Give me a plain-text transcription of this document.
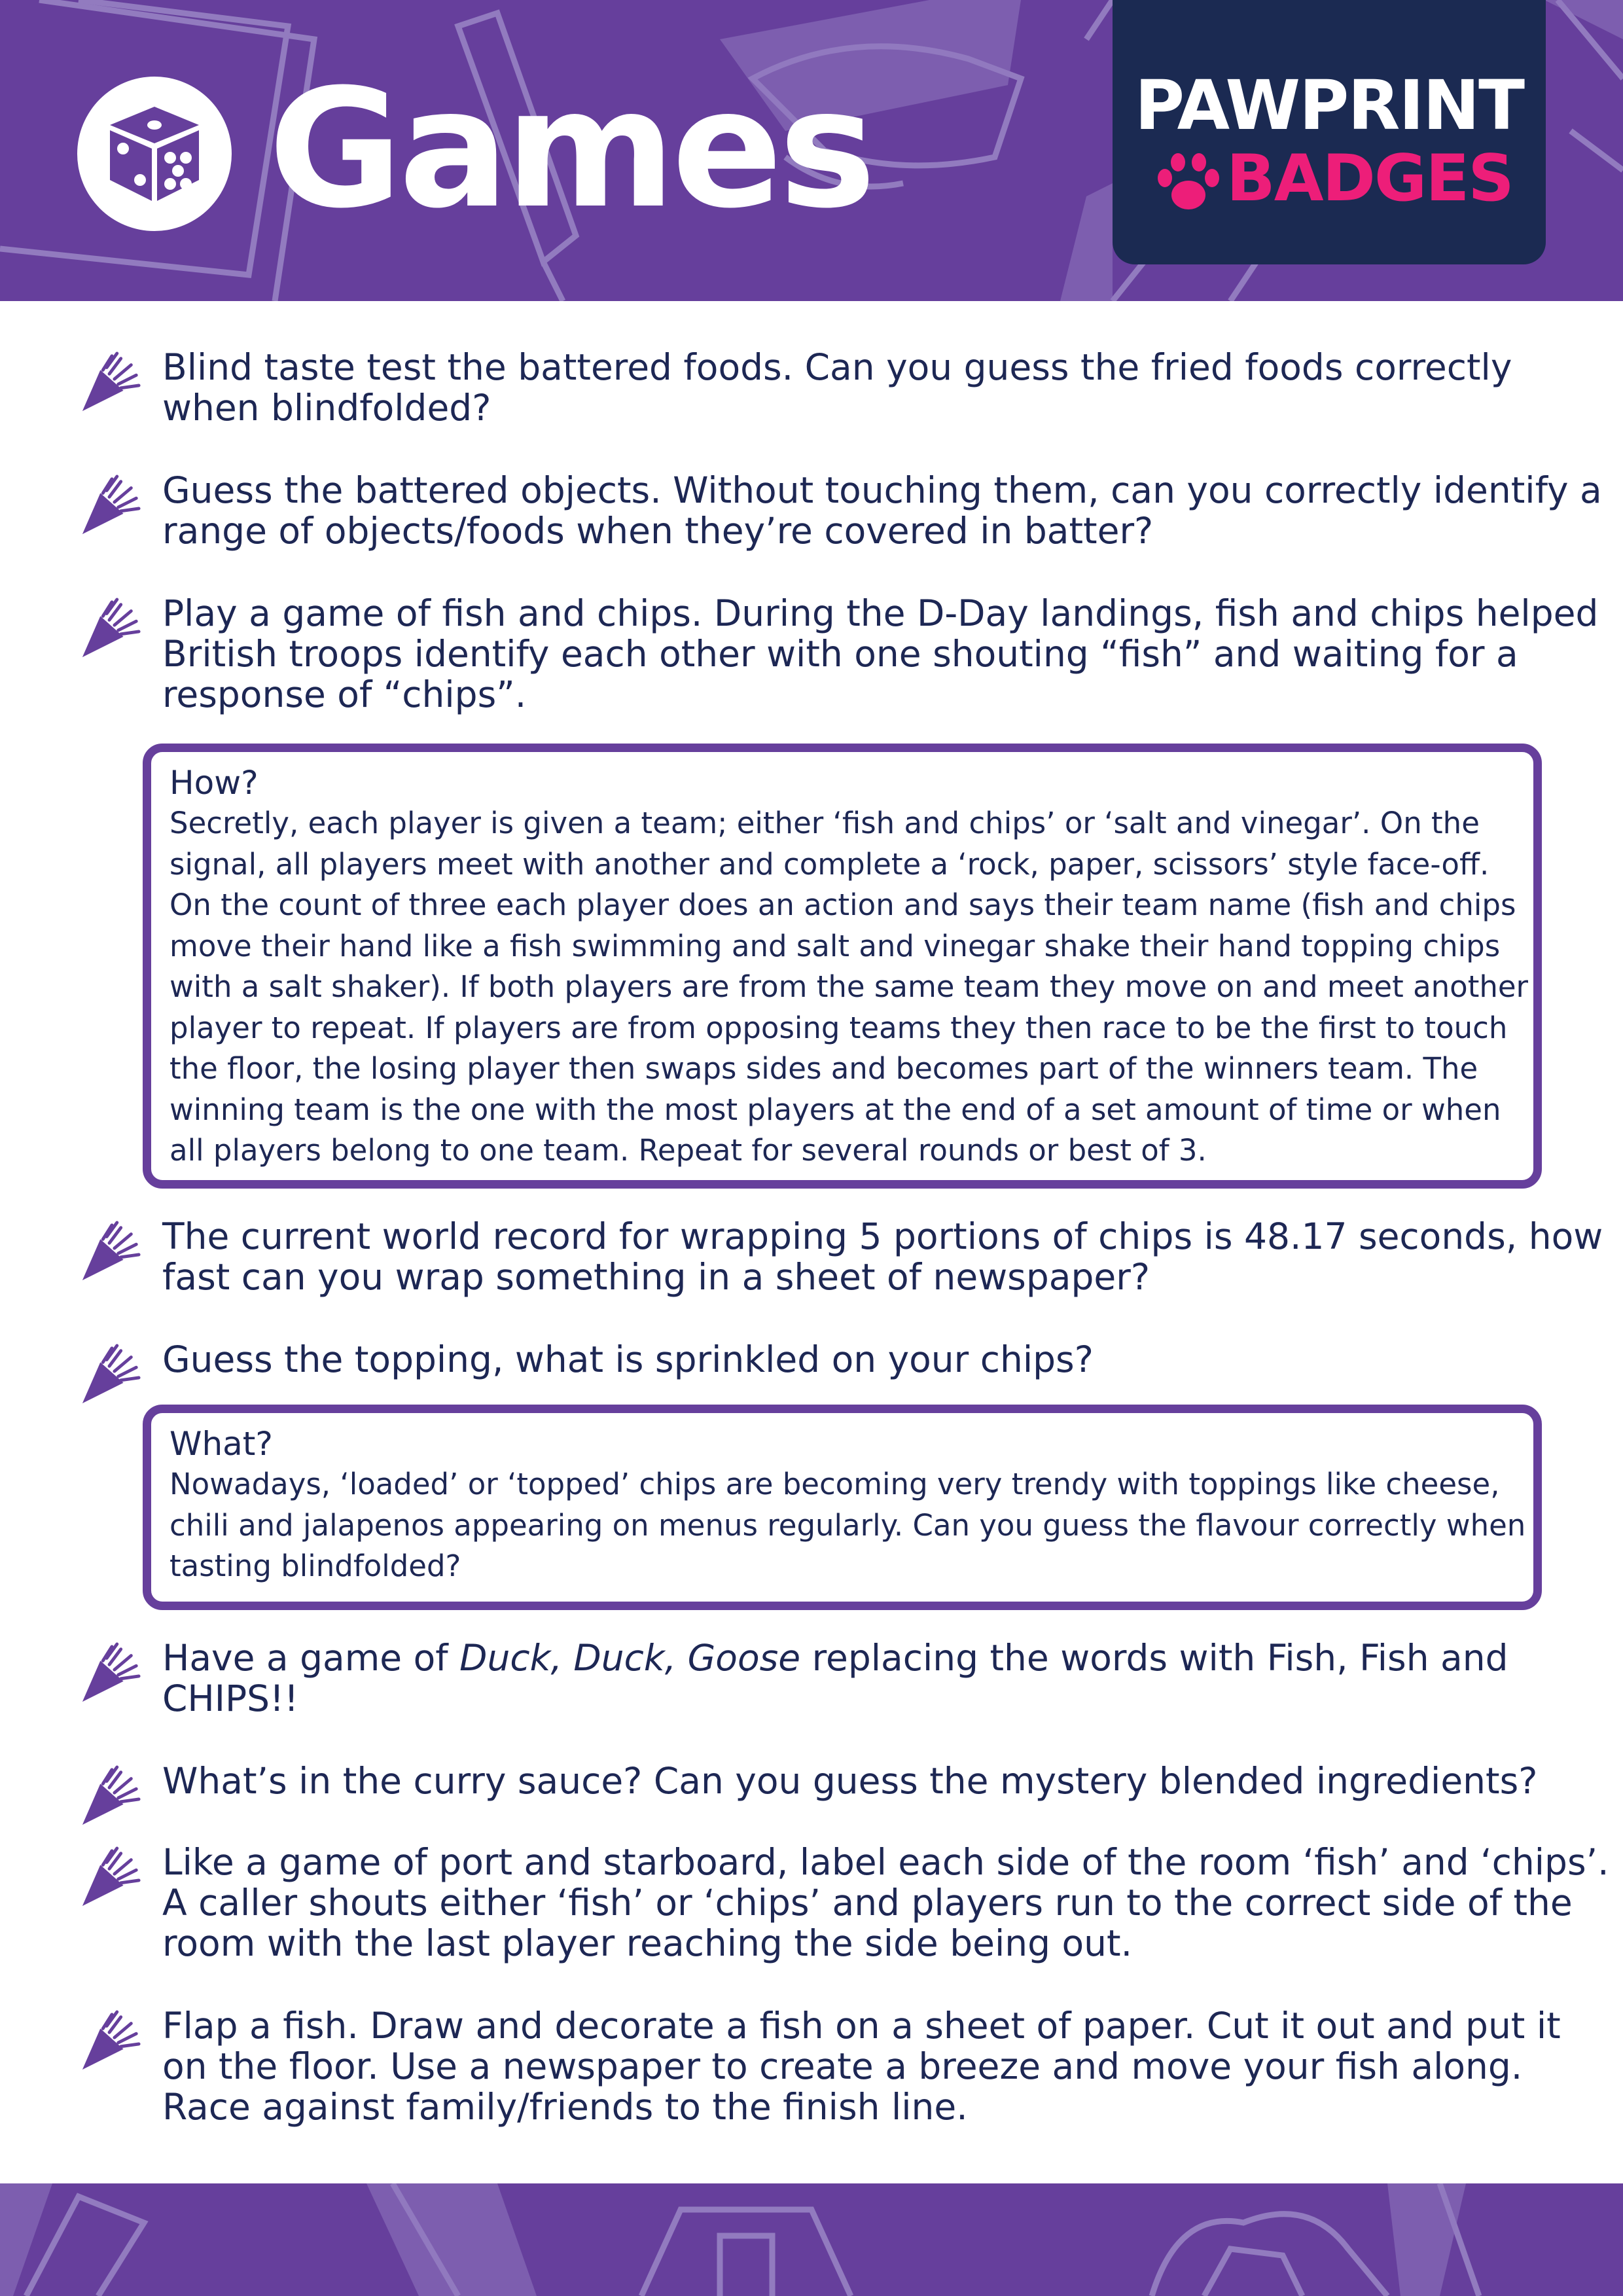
Games	PAWPRINT
BADGES
Blind taste test the battered foods. Can you guess the fried foods correctly when blindfolded?
Guess the battered objects. Without touching them, can you correctly identify a range of objects/foods when they’re covered in batter?
Play a game of fish and chips. During the D-Day landings, fish and chips helped British troops identify each other with one shouting “fish” and waiting for a response of “chips”.
How?
Secretly, each player is given a team; either ‘fish and chips’ or ‘salt and vinegar’. On the signal, all players meet with another and complete a ‘rock, paper, scissors’ style face-off. On the count of three each player does an action and says their team name (fish and chips move their hand like a fish swimming and salt and vinegar shake their hand topping chips with a salt shaker). If both players are from the same team they move on and meet another player to repeat. If players are from opposing teams they then race to be the first to touch the floor, the losing player then swaps sides and becomes part of the winners team. The winning team is the one with the most players at the end of a set amount of time or when all players belong to one team. Repeat for several rounds or best of 3.
The current world record for wrapping 5 portions of chips is 48.17 seconds, how fast can you wrap something in a sheet of newspaper?
Guess the topping, what is sprinkled on your chips?
What?
Nowadays, ‘loaded’ or ‘topped’ chips are becoming very trendy with toppings like cheese, chili and jalapenos appearing on menus regularly. Can you guess the flavour correctly when tasting blindfolded?
Have a game of Duck, Duck, Goose replacing the words with Fish, Fish and CHIPS!!
What’s in the curry sauce? Can you guess the mystery blended ingredients?
Like a game of port and starboard, label each side of the room ‘fish’ and ‘chips’. A caller shouts either ‘fish’ or ‘chips’ and players run to the correct side of the room with the last player reaching the side being out.
Flap a fish. Draw and decorate a fish on a sheet of paper. Cut it out and put it on the floor. Use a newspaper to create a breeze and move your fish along. Race against family/friends to the finish line.
